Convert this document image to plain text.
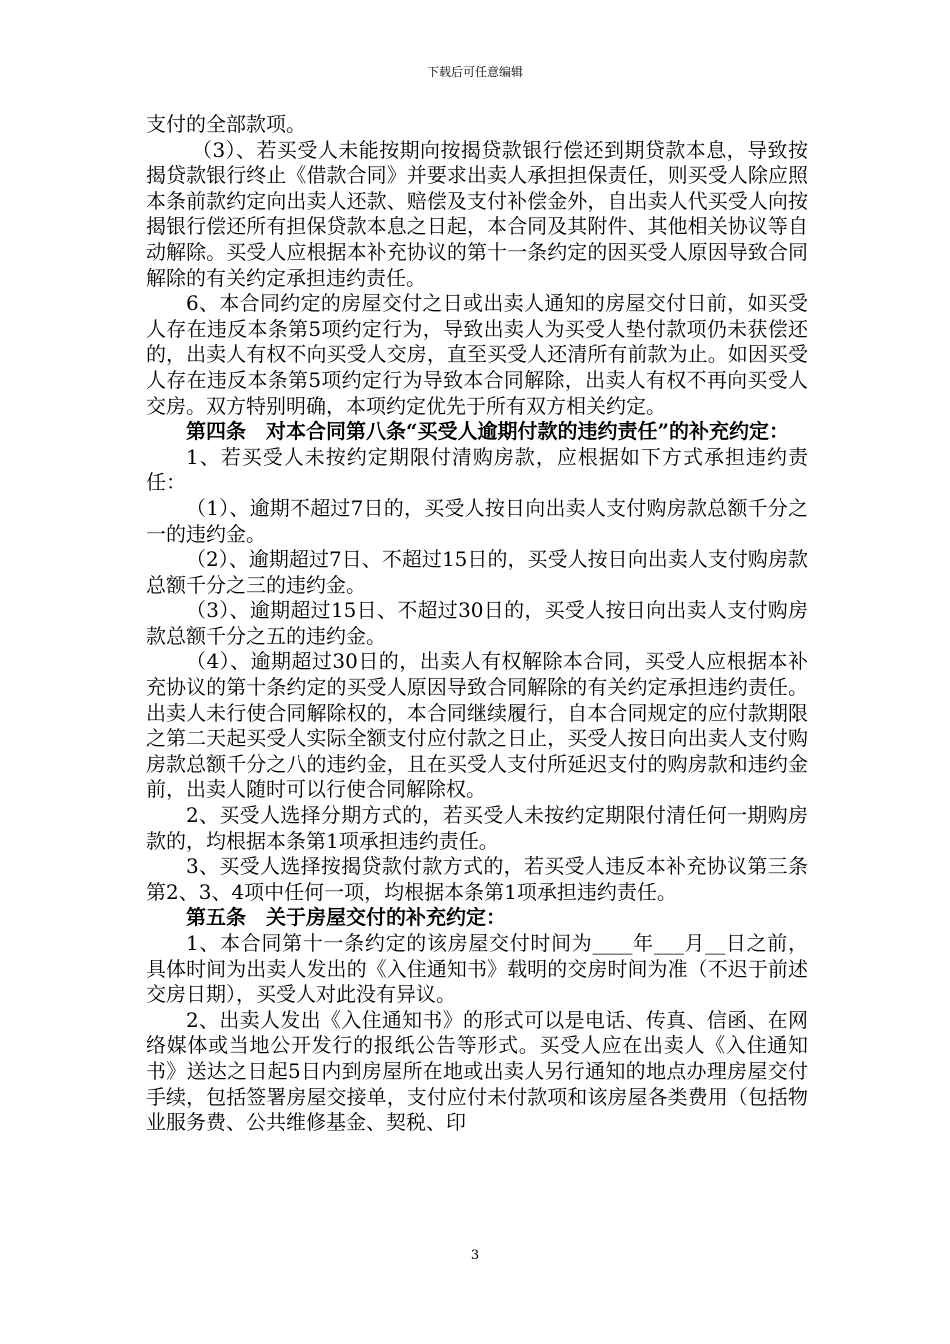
下载后可任意编辑

支付的全部款项。

（3）、若买受人未能按期向按揭贷款银行偿还到期贷款本息，导致按揭贷款银行终止《借款合同》并要求出卖人承担担保责任，则买受人除应照本条前款约定向出卖人还款、赔偿及支付补偿金外，自出卖人代买受人向按揭银行偿还所有担保贷款本息之日起，本合同及其附件、其他相关协议等自动解除。买受人应根据本补充协议的第十一条约定的因买受人原因导致合同解除的有关约定承担违约责任。

6、本合同约定的房屋交付之日或出卖人通知的房屋交付日前，如买受人存在违反本条第5项约定行为，导致出卖人为买受人垫付款项仍未获偿还的，出卖人有权不向买受人交房，直至买受人还清所有前款为止。如因买受人存在违反本条第5项约定行为导致本合同解除，出卖人有权不再向买受人交房。双方特别明确，本项约定优先于所有双方相关约定。

第四条　对本合同第八条“买受人逾期付款的违约责任”的补充约定：

1、若买受人未按约定期限付清购房款，应根据如下方式承担违约责任：

（1）、逾期不超过7日的，买受人按日向出卖人支付购房款总额千分之一的违约金。

（2）、逾期超过7日、不超过15日的，买受人按日向出卖人支付购房款总额千分之三的违约金。

（3）、逾期超过15日、不超过30日的，买受人按日向出卖人支付购房款总额千分之五的违约金。

（4）、逾期超过30日的，出卖人有权解除本合同，买受人应根据本补充协议的第十条约定的买受人原因导致合同解除的有关约定承担违约责任。出卖人未行使合同解除权的，本合同继续履行，自本合同规定的应付款期限之第二天起买受人实际全额支付应付款之日止，买受人按日向出卖人支付购房款总额千分之八的违约金，且在买受人支付所延迟支付的购房款和违约金前，出卖人随时可以行使合同解除权。

2、买受人选择分期方式的，若买受人未按约定期限付清任何一期购房款的，均根据本条第1项承担违约责任。

3、买受人选择按揭贷款付款方式的，若买受人违反本补充协议第三条第2、3、4项中任何一项，均根据本条第1项承担违约责任。

第五条　关于房屋交付的补充约定：

1、本合同第十一条约定的该房屋交付时间为____年___月__日之前，具体时间为出卖人发出的《入住通知书》载明的交房时间为准（不迟于前述交房日期），买受人对此没有异议。

2、出卖人发出《入住通知书》的形式可以是电话、传真、信函、在网络媒体或当地公开发行的报纸公告等形式。买受人应在出卖人《入住通知书》送达之日起5日内到房屋所在地或出卖人另行通知的地点办理房屋交付手续，包括签署房屋交接单，支付应付未付款项和该房屋各类费用（包括物业服务费、公共维修基金、契税、印

3
